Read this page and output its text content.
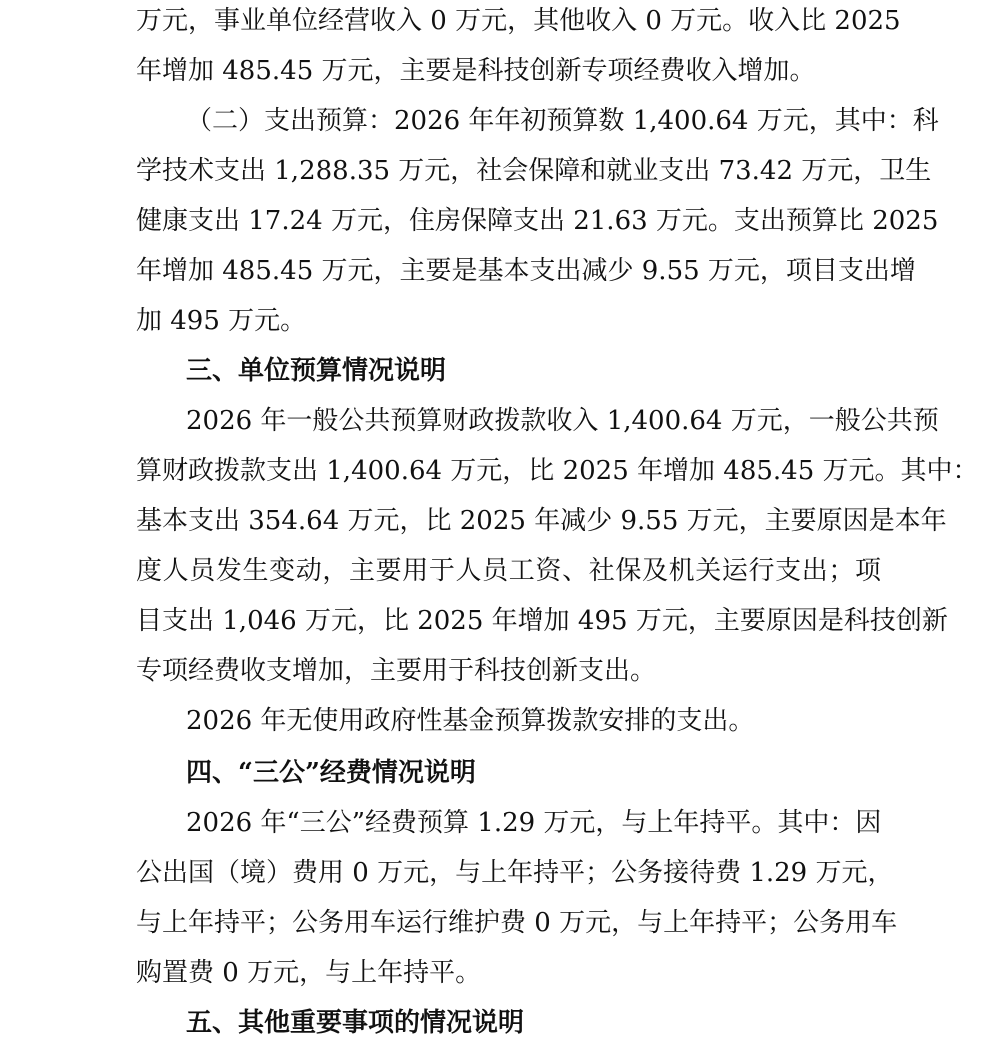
万元，事业单位经营收入 0 万元，其他收入 0 万元。收入比 2025
年增加 485.45 万元，主要是科技创新专项经费收入增加。
（二）支出预算：2026 年年初预算数 1,400.64 万元，其中：科
学技术支出 1,288.35 万元，社会保障和就业支出 73.42 万元，卫生
健康支出 17.24 万元，住房保障支出 21.63 万元。支出预算比 2025
年增加 485.45 万元，主要是基本支出减少 9.55 万元，项目支出增
加 495 万元。
三、单位预算情况说明
2026 年一般公共预算财政拨款收入 1,400.64 万元，一般公共预
算财政拨款支出 1,400.64 万元，比 2025 年增加 485.45 万元。其中：
基本支出 354.64 万元，比 2025 年减少 9.55 万元，主要原因是本年
度人员发生变动，主要用于人员工资、社保及机关运行支出；项
目支出 1,046 万元，比 2025 年增加 495 万元，主要原因是科技创新
专项经费收支增加，主要用于科技创新支出。
2026 年无使用政府性基金预算拨款安排的支出。
四、“三公”经费情况说明
2026 年“三公”经费预算 1.29 万元，与上年持平。其中：因
公出国（境）费用 0 万元，与上年持平；公务接待费 1.29 万元，
与上年持平；公务用车运行维护费 0 万元，与上年持平；公务用车
购置费 0 万元，与上年持平。
五、其他重要事项的情况说明
